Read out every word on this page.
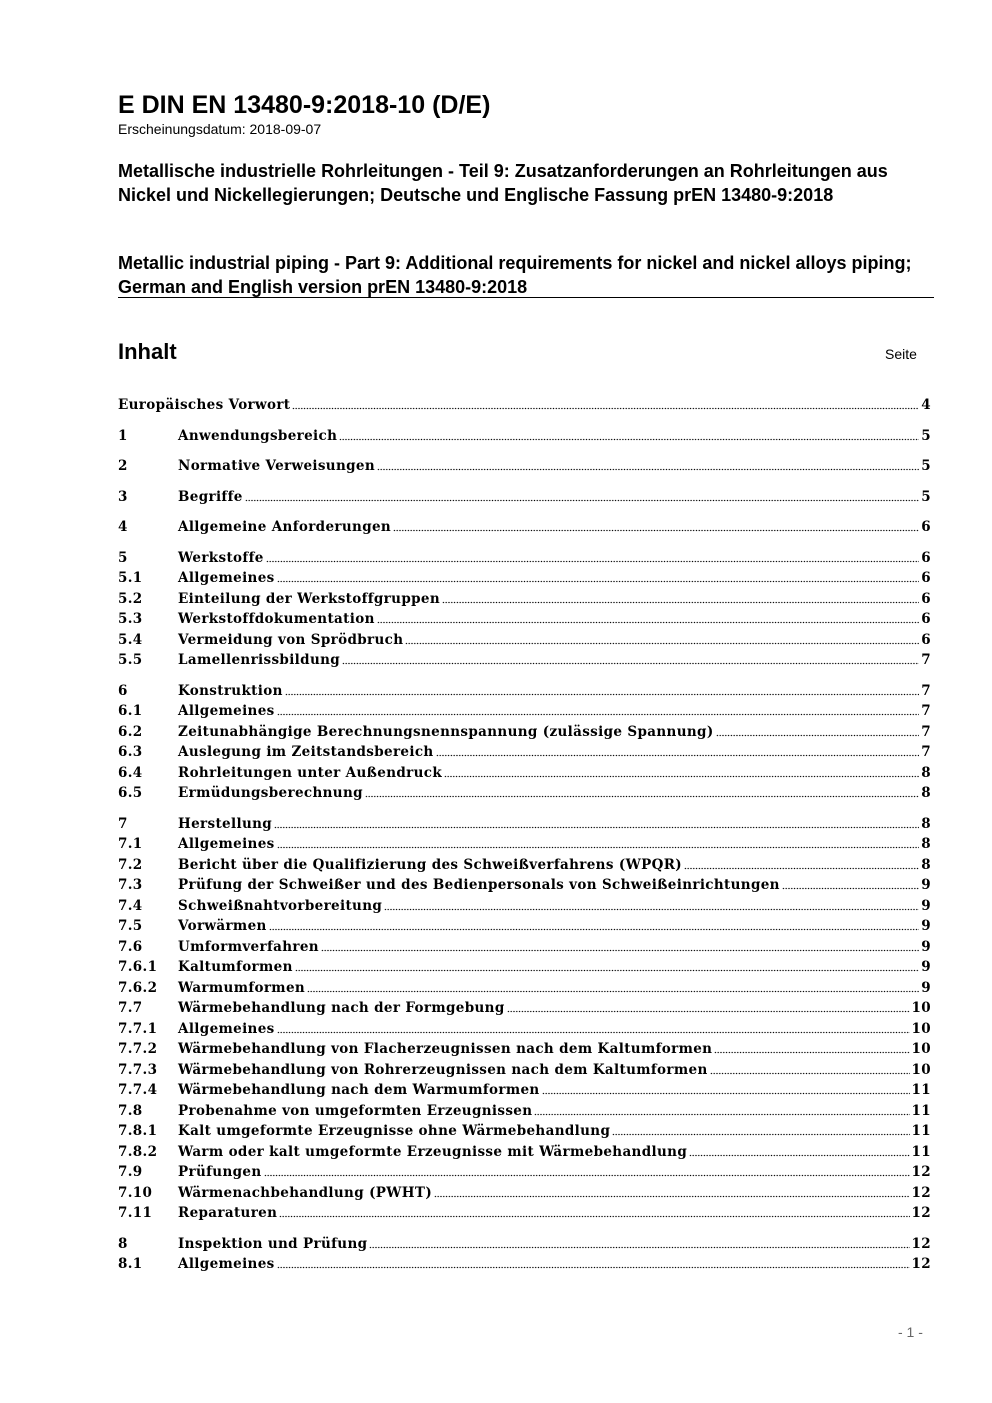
E DIN EN 13480-9:2018-10 (D/E)
Erscheinungsdatum: 2018-09-07
Metallische industrielle Rohrleitungen - Teil 9: Zusatzanforderungen an Rohrleitungen aus Nickel und Nickellegierungen; Deutsche und Englische Fassung prEN 13480-9:2018
Metallic industrial piping - Part 9: Additional requirements for nickel and nickel alloys piping; German and English version prEN 13480-9:2018
Inhalt	Seite
Europäisches Vorwort	4
1	Anwendungsbereich	5
2	Normative Verweisungen	5
3	Begriffe	5
4	Allgemeine Anforderungen	6
5	Werkstoffe	6
5.1	Allgemeines	6
5.2	Einteilung der Werkstoffgruppen	6
5.3	Werkstoffdokumentation	6
5.4	Vermeidung von Sprödbruch	6
5.5	Lamellenrissbildung	7
6	Konstruktion	7
6.1	Allgemeines	7
6.2	Zeitunabhängige Berechnungsnennspannung (zulässige Spannung)	7
6.3	Auslegung im Zeitstandsbereich	7
6.4	Rohrleitungen unter Außendruck	8
6.5	Ermüdungsberechnung	8
7	Herstellung	8
7.1	Allgemeines	8
7.2	Bericht über die Qualifizierung des Schweißverfahrens (WPQR)	8
7.3	Prüfung der Schweißer und des Bedienpersonals von Schweißeinrichtungen	9
7.4	Schweißnahtvorbereitung	9
7.5	Vorwärmen	9
7.6	Umformverfahren	9
7.6.1	Kaltumformen	9
7.6.2	Warmumformen	9
7.7	Wärmebehandlung nach der Formgebung	10
7.7.1	Allgemeines	10
7.7.2	Wärmebehandlung von Flacherzeugnissen nach dem Kaltumformen	10
7.7.3	Wärmebehandlung von Rohrerzeugnissen nach dem Kaltumformen	10
7.7.4	Wärmebehandlung nach dem Warmumformen	11
7.8	Probenahme von umgeformten Erzeugnissen	11
7.8.1	Kalt umgeformte Erzeugnisse ohne Wärmebehandlung	11
7.8.2	Warm oder kalt umgeformte Erzeugnisse mit Wärmebehandlung	11
7.9	Prüfungen	12
7.10	Wärmenachbehandlung (PWHT)	12
7.11	Reparaturen	12
8	Inspektion und Prüfung	12
8.1	Allgemeines	12
- 1 -
